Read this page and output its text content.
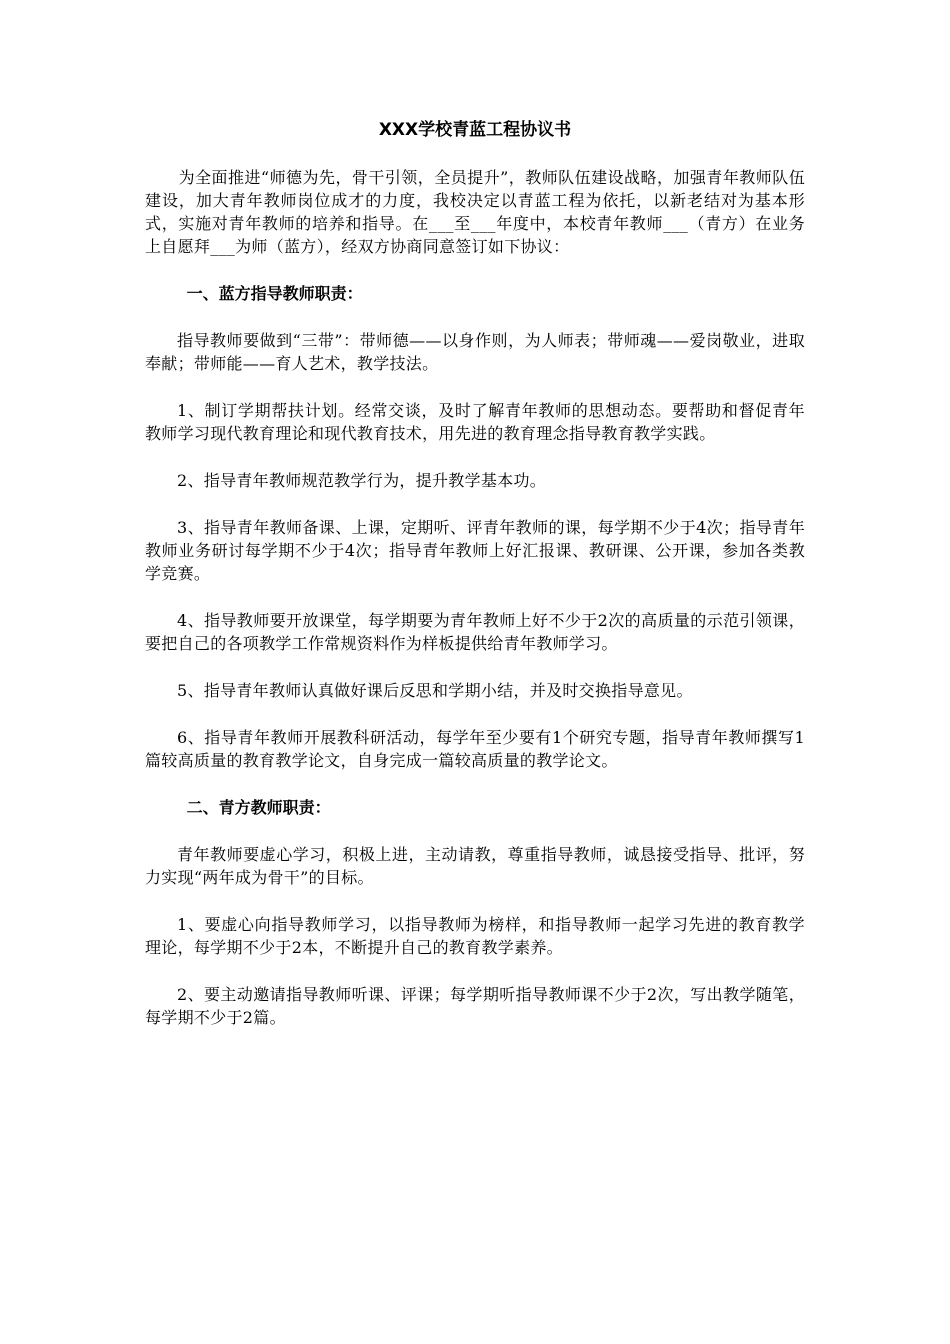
XXX学校青蓝工程协议书

为全面推进“师德为先，骨干引领，全员提升”，教师队伍建设战略，加强青年教师队伍建设，加大青年教师岗位成才的力度，我校决定以青蓝工程为依托，以新老结对为基本形式，实施对青年教师的培养和指导。在___至___年度中，本校青年教师___（青方）在业务上自愿拜___为师（蓝方），经双方协商同意签订如下协议：

一、蓝方指导教师职责：

指导教师要做到“三带”：带师德——以身作则，为人师表；带师魂——爱岗敬业，进取奉献；带师能——育人艺术，教学技法。

1、制订学期帮扶计划。经常交谈，及时了解青年教师的思想动态。要帮助和督促青年教师学习现代教育理论和现代教育技术，用先进的教育理念指导教育教学实践。

2、指导青年教师规范教学行为，提升教学基本功。

3、指导青年教师备课、上课，定期听、评青年教师的课，每学期不少于4次；指导青年教师业务研讨每学期不少于4次；指导青年教师上好汇报课、教研课、公开课，参加各类教学竞赛。

4、指导教师要开放课堂，每学期要为青年教师上好不少于2次的高质量的示范引领课，要把自己的各项教学工作常规资料作为样板提供给青年教师学习。

5、指导青年教师认真做好课后反思和学期小结，并及时交换指导意见。

6、指导青年教师开展教科研活动，每学年至少要有1个研究专题，指导青年教师撰写1篇较高质量的教育教学论文，自身完成一篇较高质量的教学论文。

二、青方教师职责：

青年教师要虚心学习，积极上进，主动请教，尊重指导教师，诚恳接受指导、批评，努力实现“两年成为骨干”的目标。

1、要虚心向指导教师学习，以指导教师为榜样，和指导教师一起学习先进的教育教学理论，每学期不少于2本，不断提升自己的教育教学素养。

2、要主动邀请指导教师听课、评课；每学期听指导教师课不少于2次，写出教学随笔，每学期不少于2篇。
